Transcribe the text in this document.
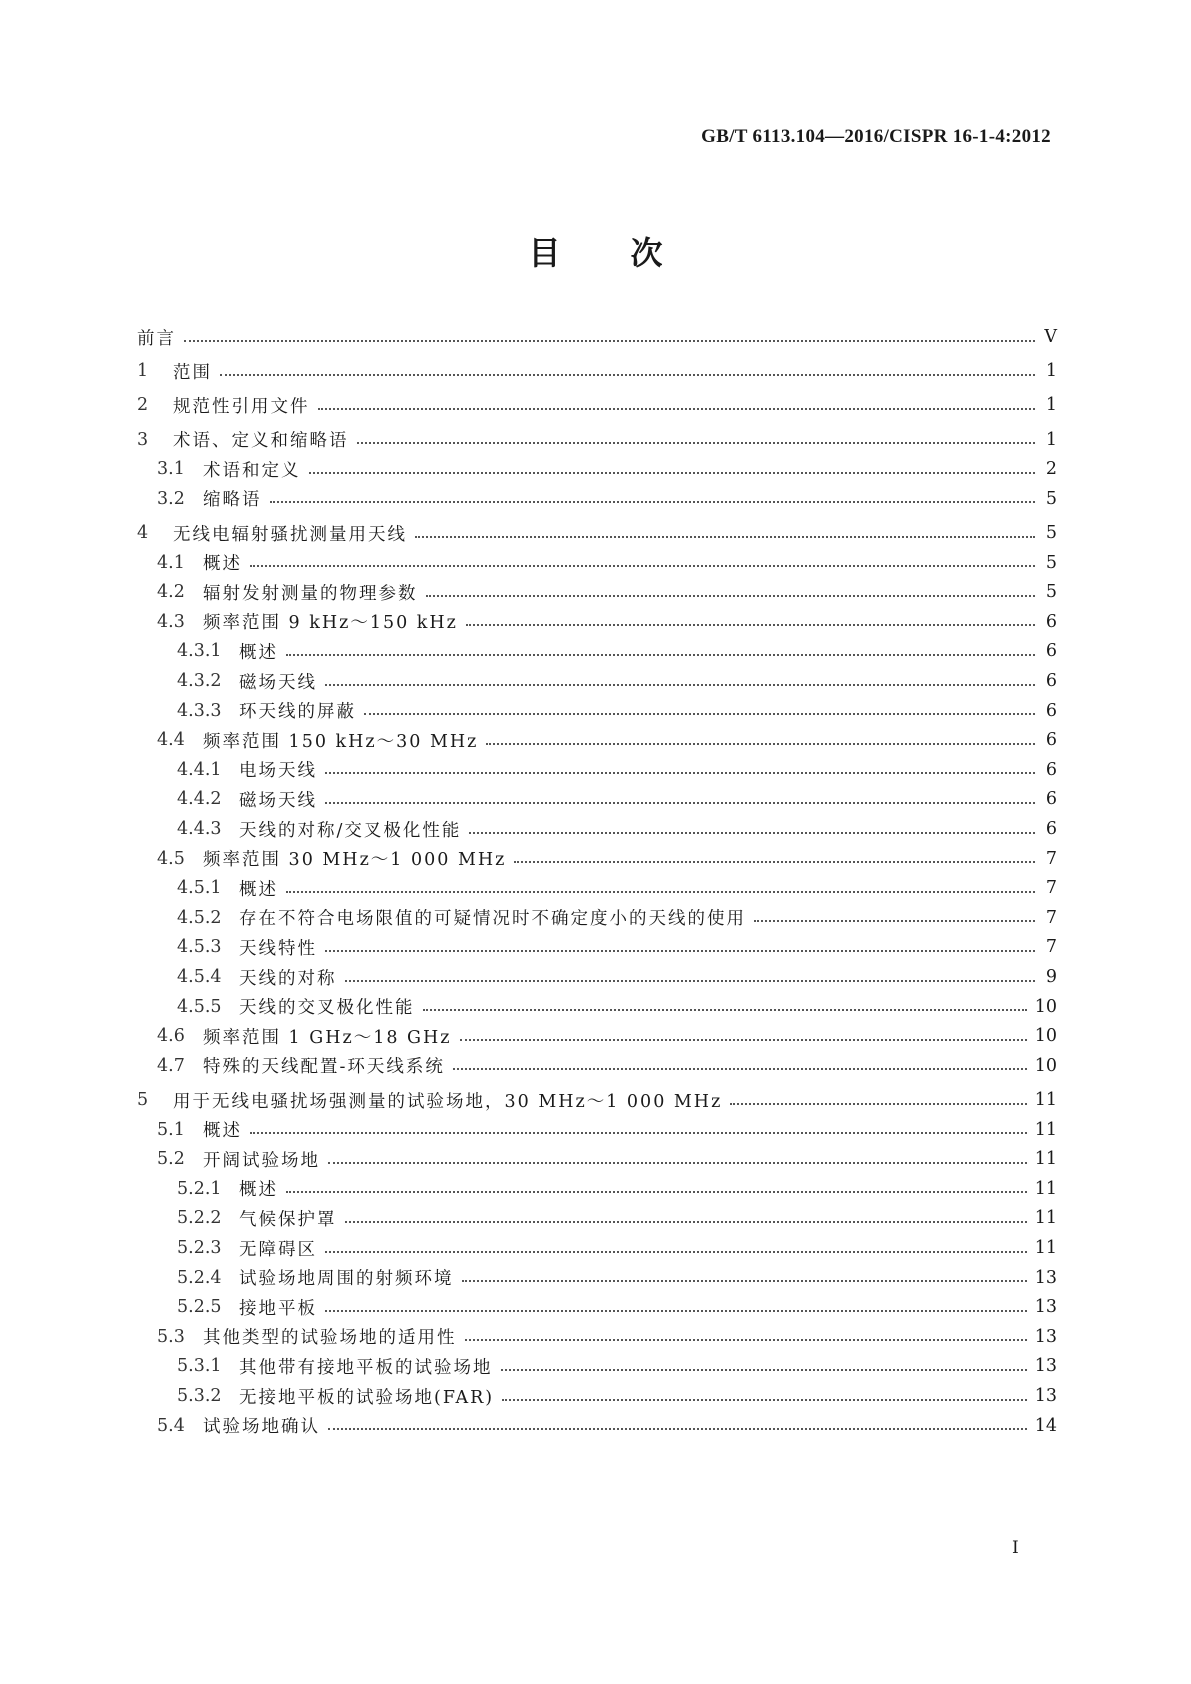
GB/T 6113.104—2016/CISPR 16-1-4:2012
目次
前言	V
1	范围	1
2	规范性引用文件	1
3	术语、定义和缩略语	1
3.1	术语和定义	2
3.2	缩略语	5
4	无线电辐射骚扰测量用天线	5
4.1	概述	5
4.2	辐射发射测量的物理参数	5
4.3	频率范围 9 kHz～150 kHz	6
4.3.1 概述	6
4.3.2 磁场天线	6
4.3.3 环天线的屏蔽	6
4.4	频率范围 150 kHz～30 MHz	6
4.4.1 电场天线	6
4.4.2 磁场天线	6
4.4.3 天线的对称/交叉极化性能	6
4.5	频率范围 30 MHz～1 000 MHz	7
4.5.1 概述	7
4.5.2 存在不符合电场限值的可疑情况时不确定度小的天线的使用	7
4.5.3 天线特性	7
4.5.4 天线的对称	9
4.5.5 天线的交叉极化性能	10
4.6	频率范围 1 GHz～18 GHz	10
4.7	特殊的天线配置-环天线系统	10
5	用于无线电骚扰场强测量的试验场地，30 MHz～1 000 MHz	11
5.1	概述	11
5.2	开阔试验场地	11
5.2.1 概述	11
5.2.2 气候保护罩	11
5.2.3 无障碍区	11
5.2.4 试验场地周围的射频环境	13
5.2.5 接地平板	13
5.3	其他类型的试验场地的适用性	13
5.3.1 其他带有接地平板的试验场地	13
5.3.2 无接地平板的试验场地(FAR)	13
5.4	试验场地确认	14
I
